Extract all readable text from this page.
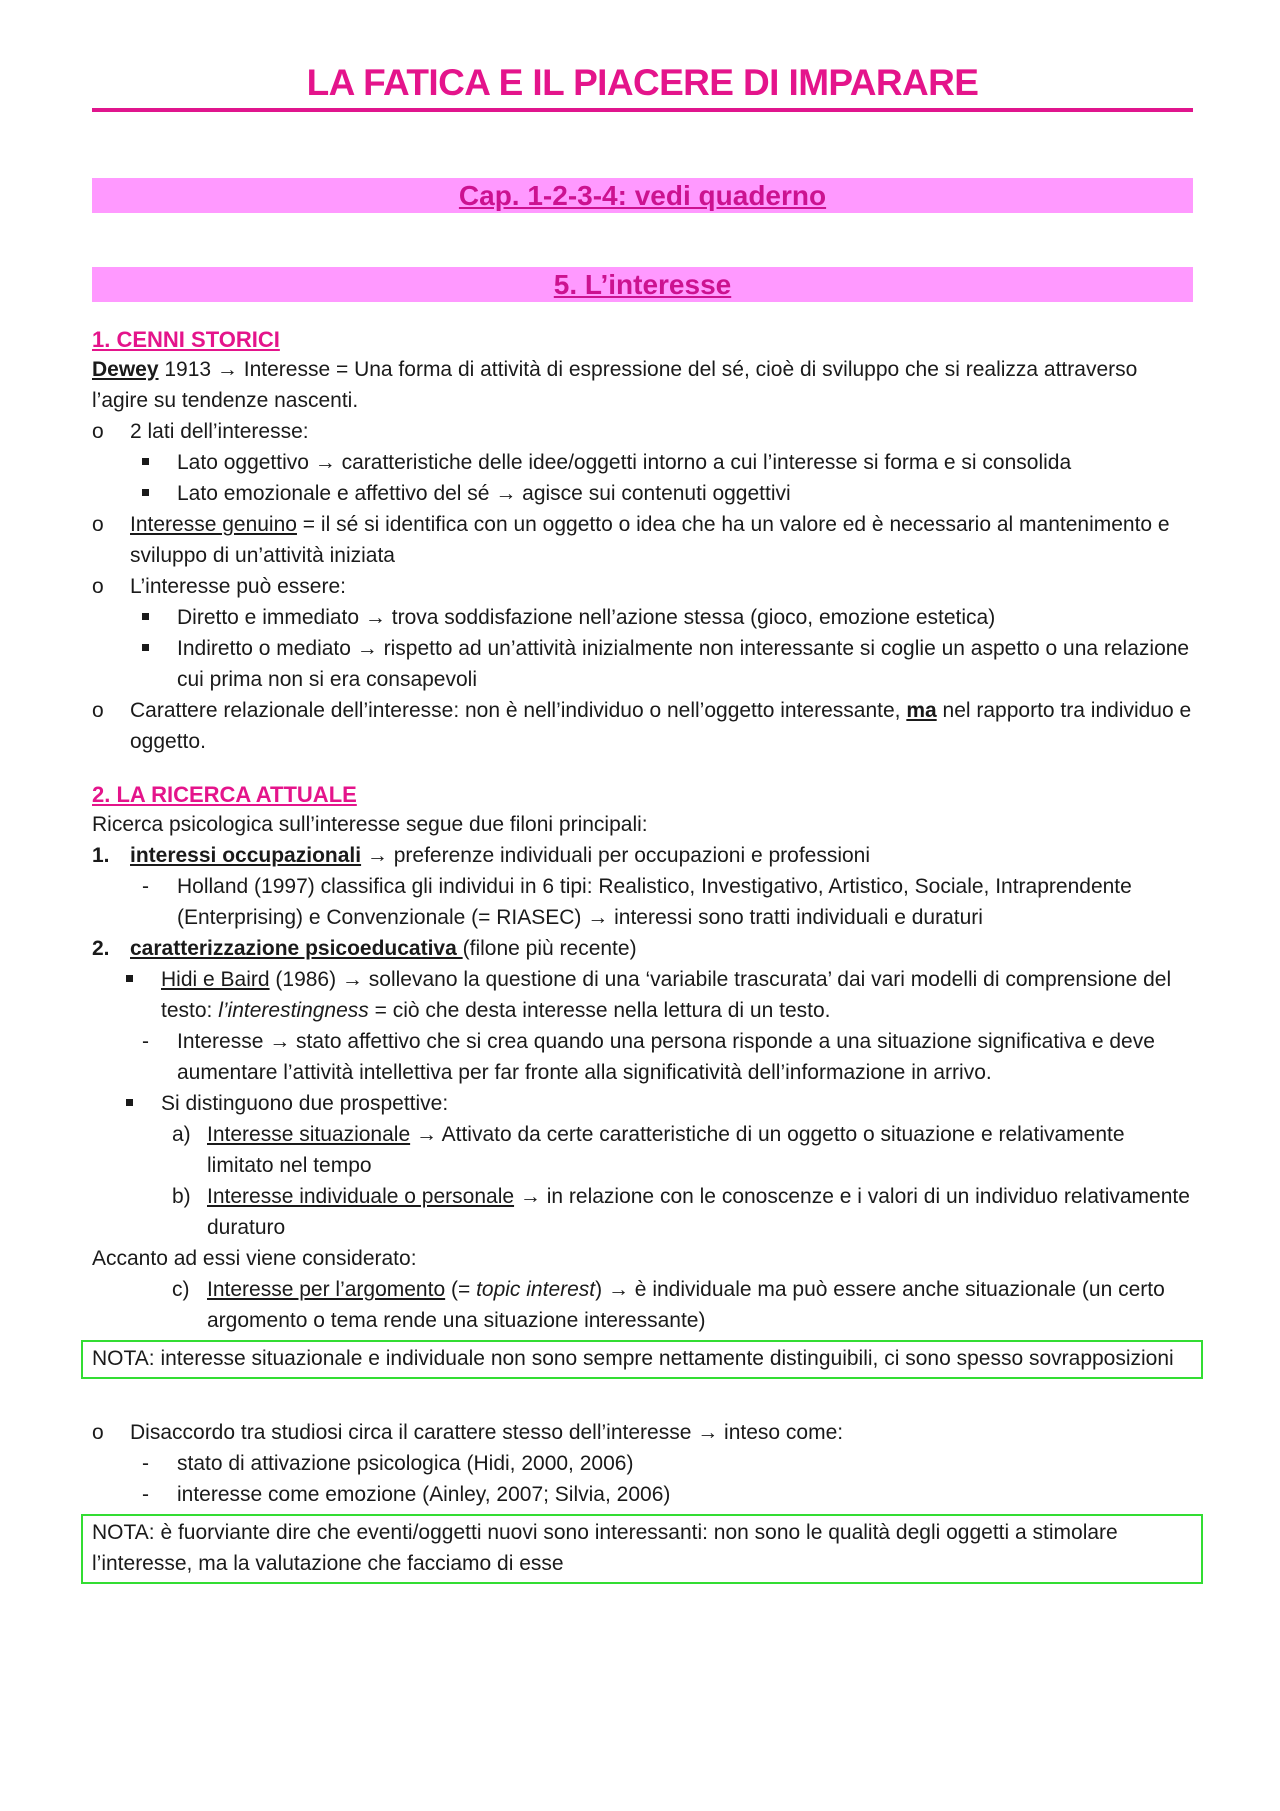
LA FATICA E IL PIACERE DI IMPARARE
Cap. 1-2-3-4: vedi quaderno
5. L’interesse
1. CENNI STORICI
Dewey 1913 → Interesse = Una forma di attività di espressione del sé, cioè di sviluppo che si realizza attraverso l’agire su tendenze nascenti.
o 2 lati dell’interesse:
Lato oggettivo → caratteristiche delle idee/oggetti intorno a cui l’interesse si forma e si consolida
Lato emozionale e affettivo del sé → agisce sui contenuti oggettivi
o Interesse genuino = il sé si identifica con un oggetto o idea che ha un valore ed è necessario al mantenimento e sviluppo di un’attività iniziata
o L’interesse può essere:
Diretto e immediato → trova soddisfazione nell’azione stessa (gioco, emozione estetica)
Indiretto o mediato → rispetto ad un’attività inizialmente non interessante si coglie un aspetto o una relazione cui prima non si era consapevoli
o Carattere relazionale dell’interesse: non è nell’individuo o nell’oggetto interessante, ma nel rapporto tra individuo e oggetto.
2. LA RICERCA ATTUALE
Ricerca psicologica sull’interesse segue due filoni principali:
1. interessi occupazionali → preferenze individuali per occupazioni e professioni
- Holland (1997) classifica gli individui in 6 tipi: Realistico, Investigativo, Artistico, Sociale, Intraprendente (Enterprising) e Convenzionale (= RIASEC) → interessi sono tratti individuali e duraturi
2. caratterizzazione psicoeducativa (filone più recente)
Hidi e Baird (1986) → sollevano la questione di una ‘variabile trascurata’ dai vari modelli di comprensione del testo: l’interestingness = ciò che desta interesse nella lettura di un testo.
- Interesse → stato affettivo che si crea quando una persona risponde a una situazione significativa e deve aumentare l’attività intellettiva per far fronte alla significatività dell’informazione in arrivo.
Si distinguono due prospettive:
a) Interesse situazionale → Attivato da certe caratteristiche di un oggetto o situazione e relativamente limitato nel tempo
b) Interesse individuale o personale → in relazione con le conoscenze e i valori di un individuo relativamente duraturo
Accanto ad essi viene considerato:
c) Interesse per l’argomento (= topic interest) → è individuale ma può essere anche situazionale (un certo argomento o tema rende una situazione interessante)
NOTA: interesse situazionale e individuale non sono sempre nettamente distinguibili, ci sono spesso sovrapposizioni
o Disaccordo tra studiosi circa il carattere stesso dell’interesse → inteso come:
- stato di attivazione psicologica (Hidi, 2000, 2006)
- interesse come emozione (Ainley, 2007; Silvia, 2006)
NOTA: è fuorviante dire che eventi/oggetti nuovi sono interessanti: non sono le qualità degli oggetti a stimolare l’interesse, ma la valutazione che facciamo di esse
